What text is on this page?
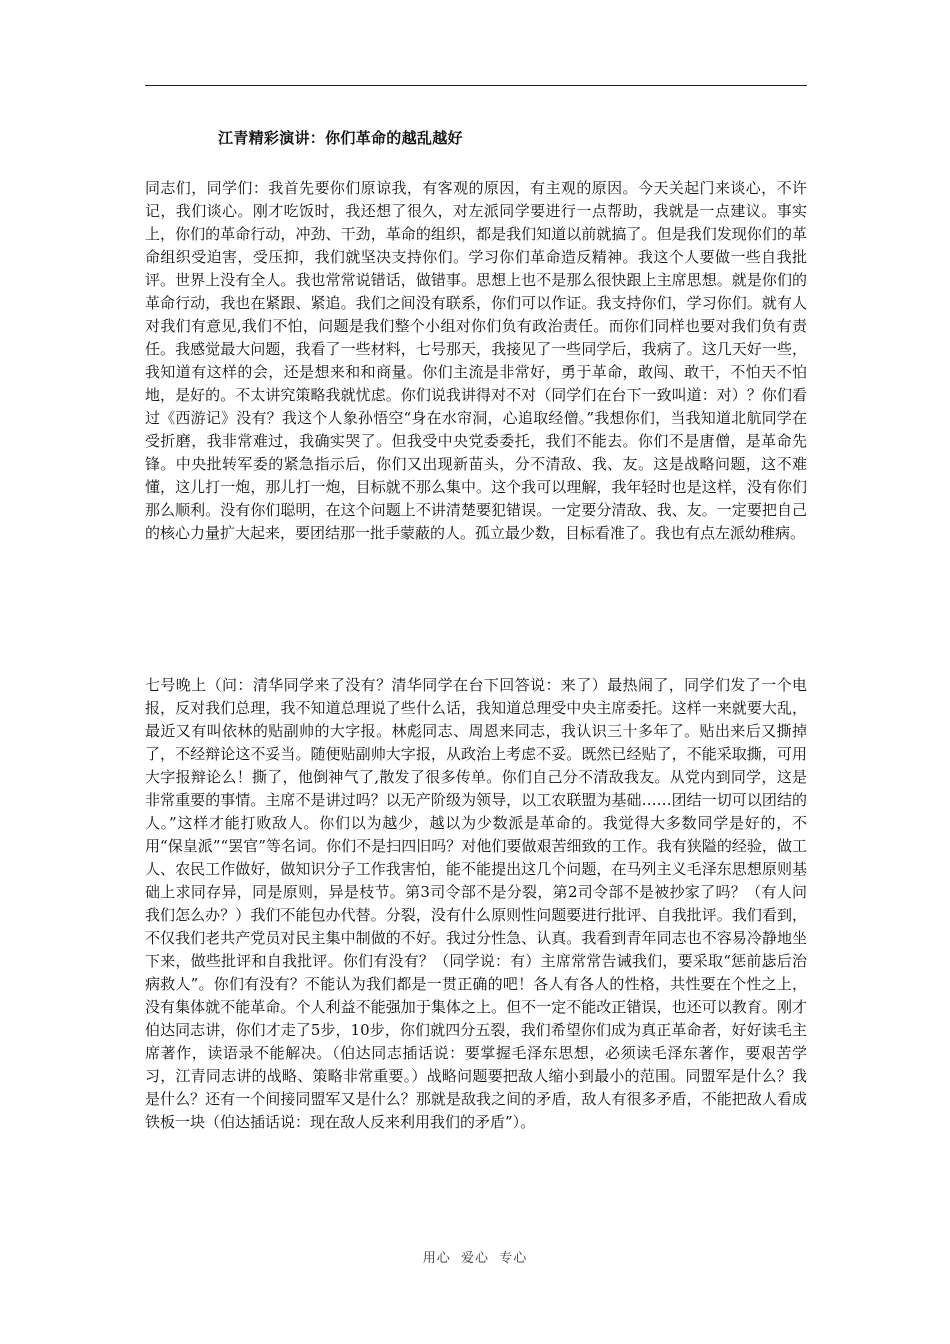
江青精彩演讲：你们革命的越乱越好

同志们，同学们：我首先要你们原谅我，有客观的原因，有主观的原因。今天关起门来谈心，不许记，我们谈心。刚才吃饭时，我还想了很久，对左派同学要进行一点帮助，我就是一点建议。事实上，你们的革命行动，冲劲、干劲，革命的组织，都是我们知道以前就搞了。但是我们发现你们的革命组织受迫害，受压抑，我们就坚决支持你们。学习你们革命造反精神。我这个人要做一些自我批评。世界上没有全人。我也常常说错话，做错事。思想上也不是那么很快跟上主席思想。就是你们的革命行动，我也在紧跟、紧追。我们之间没有联系，你们可以作证。我支持你们，学习你们。就有人对我们有意见,我们不怕，问题是我们整个小组对你们负有政治责任。而你们同样也要对我们负有责任。我感觉最大问题，我看了一些材料，七号那天，我接见了一些同学后，我病了。这几天好一些，我知道有这样的会，还是想来和和商量。你们主流是非常好，勇于革命，敢闯、敢干，不怕天不怕地，是好的。不太讲究策略我就忧虑。你们说我讲得对不对（同学们在台下一致叫道：对）？你们看过《西游记》没有？我这个人象孙悟空“身在水帘洞，心追取经僧。”我想你们，当我知道北航同学在受折磨，我非常难过，我确实哭了。但我受中央党委委托，我们不能去。你们不是唐僧，是革命先锋。中央批转军委的紧急指示后，你们又出现新苗头，分不清敌、我、友。这是战略问题，这不难懂，这儿打一炮，那儿打一炮，目标就不那么集中。这个我可以理解，我年轻时也是这样，没有你们那么顺利。没有你们聪明，在这个问题上不讲清楚要犯错误。一定要分清敌、我、友。一定要把自己的核心力量扩大起来，要团结那一批手蒙蔽的人。孤立最少数，目标看准了。我也有点左派幼稚病。

七号晚上（问：清华同学来了没有？清华同学在台下回答说：来了）最热闹了，同学们发了一个电报，反对我们总理，我不知道总理说了些什么话，我知道总理受中央主席委托。这样一来就要大乱，最近又有叫依林的贴副帅的大字报。林彪同志、周恩来同志，我认识三十多年了。贴出来后又撕掉了，不经辩论这不妥当。随便贴副帅大字报，从政治上考虑不妥。既然已经贴了，不能采取撕，可用大字报辩论么！撕了，他倒神气了,散发了很多传单。你们自己分不清敌我友。从党内到同学，这是非常重要的事情。主席不是讲过吗？以无产阶级为领导，以工农联盟为基础……团结一切可以团结的人。”这样才能打败敌人。你们以为越少，越以为少数派是革命的。我觉得大多数同学是好的，不用“保皇派”“罢官”等名词。你们不是扫四旧吗？对他们要做艰苦细致的工作。我有狭隘的经验，做工人、农民工作做好，做知识分子工作我害怕，能不能提出这几个问题，在马列主义毛泽东思想原则基础上求同存异，同是原则，异是枝节。第3司令部不是分裂，第2司令部不是被抄家了吗？（有人问我们怎么办？）我们不能包办代替。分裂，没有什么原则性问题要进行批评、自我批评。我们看到，不仅我们老共产党员对民主集中制做的不好。我过分性急、认真。我看到青年同志也不容易冷静地坐下来，做些批评和自我批评。你们有没有？（同学说：有）主席常常告诫我们，要采取“惩前毖后治病救人”。你们有没有？不能认为我们都是一贯正确的吧！各人有各人的性格，共性要在个性之上，没有集体就不能革命。个人利益不能强加于集体之上。但不一定不能改正错误，也还可以教育。刚才伯达同志讲，你们才走了5步，10步，你们就四分五裂，我们希望你们成为真正革命者，好好读毛主席著作，读语录不能解决。（伯达同志插话说：要掌握毛泽东思想，必须读毛泽东著作，要艰苦学习，江青同志讲的战略、策略非常重要。）战略问题要把敌人缩小到最小的范围。同盟军是什么？我是什么？还有一个间接同盟军又是什么？那就是敌我之间的矛盾，敌人有很多矛盾，不能把敌人看成铁板一块（伯达插话说：现在敌人反来利用我们的矛盾”）。

用心  爱心  专心
